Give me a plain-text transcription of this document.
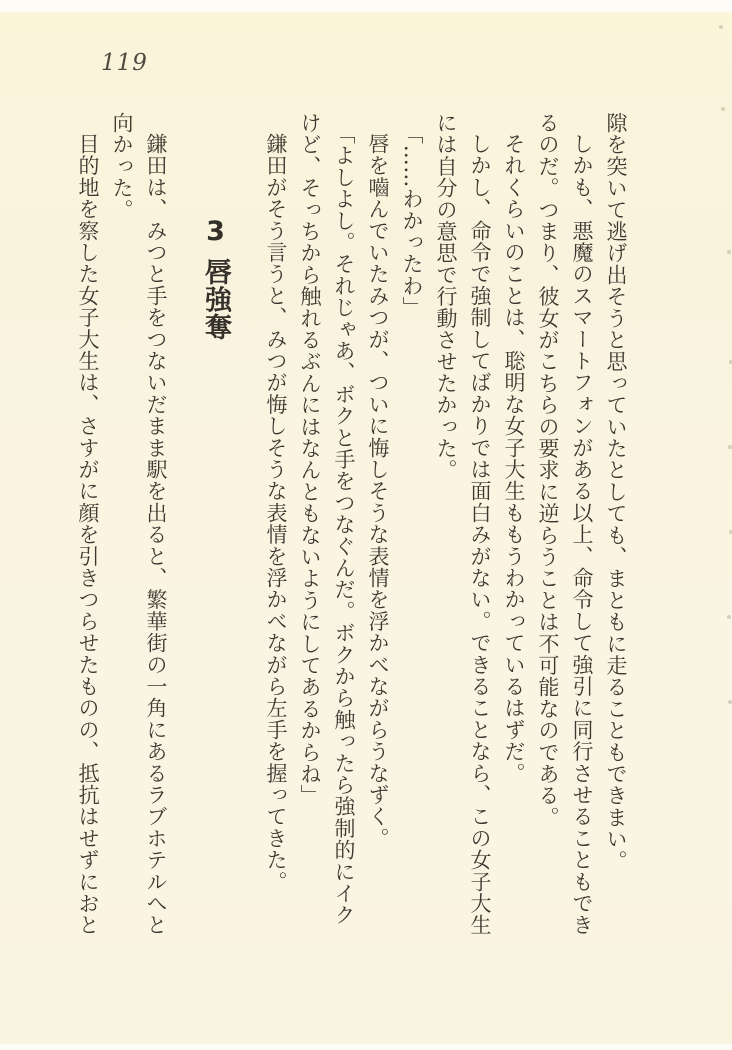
119

隙を突いて逃げ出そうと思っていたとしても、まともに走ることもできまい。

しかも、悪魔のスマートフォンがある以上、命令して強引に同行させることもできるのだ。つまり、彼女がこちらの要求に逆らうことは不可能なのである。

それくらいのことは、聡明な女子大生ももうわかっているはずだ。

しかし、命令で強制してばかりでは面白みがない。できることなら、この女子大生には自分の意思で行動させたかった。

「……わかったわ」

唇を嚙んでいたみつが、ついに悔しそうな表情を浮かべながらうなずく。

「よしよし。それじゃあ、ボクと手をつなぐんだ。ボクから触ったら強制的にイクけど、そっちから触れるぶんにはなんともないようにしてあるからね」

鎌田がそう言うと、みつが悔しそうな表情を浮かべながら左手を握ってきた。

3
唇強奪

鎌田は、みつと手をつないだまま駅を出ると、繁華街の一角にあるラブホテルへと向かった。

目的地を察した女子大生は、さすがに顔を引きつらせたものの、抵抗はせずにおと
